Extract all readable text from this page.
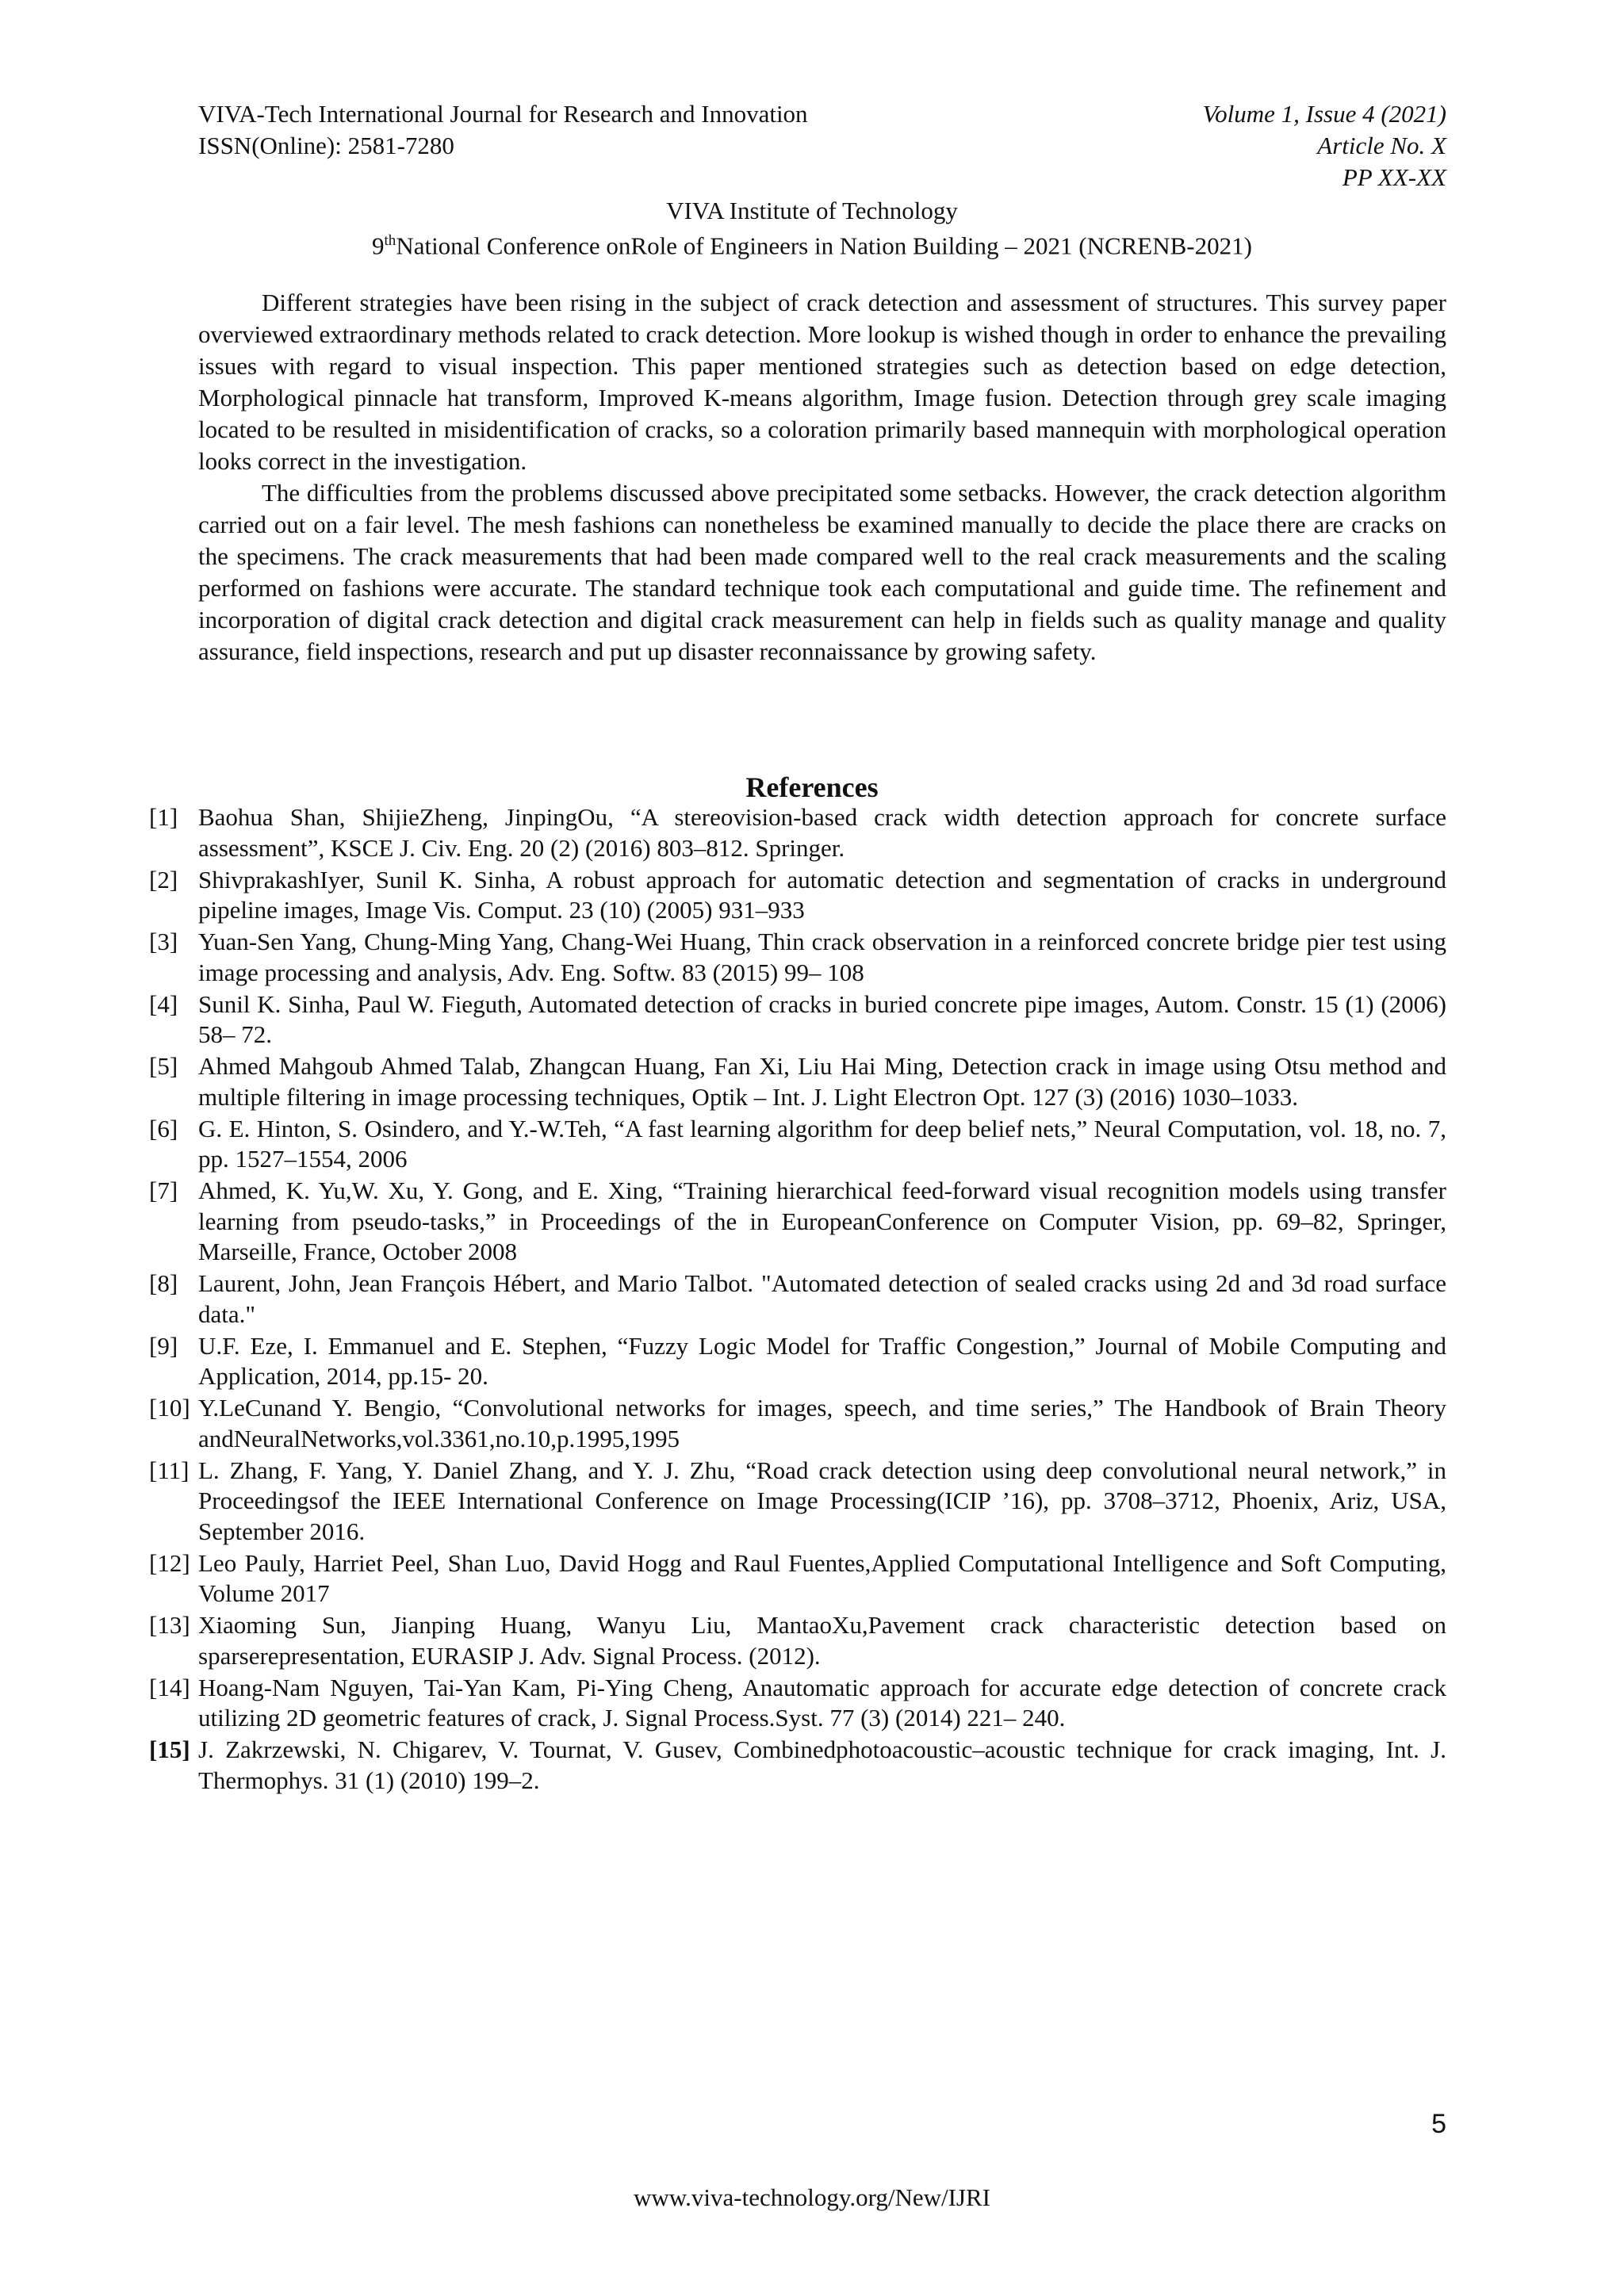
VIVA-Tech International Journal for Research and Innovation
ISSN(Online): 2581-7280
Volume 1, Issue 4 (2021)
Article No. X
PP XX-XX
VIVA Institute of Technology
9thNational Conference onRole of Engineers in Nation Building – 2021 (NCRENB-2021)

Different strategies have been rising in the subject of crack detection and assessment of structures. This survey paper overviewed extraordinary methods related to crack detection. More lookup is wished though in order to enhance the prevailing issues with regard to visual inspection. This paper mentioned strategies such as detection based on edge detection, Morphological pinnacle hat transform, Improved K-means algorithm, Image fusion. Detection through grey scale imaging located to be resulted in misidentification of cracks, so a coloration primarily based mannequin with morphological operation looks correct in the investigation.

The difficulties from the problems discussed above precipitated some setbacks. However, the crack detection algorithm carried out on a fair level. The mesh fashions can nonetheless be examined manually to decide the place there are cracks on the specimens. The crack measurements that had been made compared well to the real crack measurements and the scaling performed on fashions were accurate. The standard technique took each computational and guide time. The refinement and incorporation of digital crack detection and digital crack measurement can help in fields such as quality manage and quality assurance, field inspections, research and put up disaster reconnaissance by growing safety.

References
[1] Baohua Shan, ShijieZheng, JinpingOu, “A stereovision-based crack width detection approach for concrete surface assessment”, KSCE J. Civ. Eng. 20 (2) (2016) 803–812. Springer.
[2] ShivprakashIyer, Sunil K. Sinha, A robust approach for automatic detection and segmentation of cracks in underground pipeline images, Image Vis. Comput. 23 (10) (2005) 931–933
[3] Yuan-Sen Yang, Chung-Ming Yang, Chang-Wei Huang, Thin crack observation in a reinforced concrete bridge pier test using image processing and analysis, Adv. Eng. Softw. 83 (2015) 99– 108
[4] Sunil K. Sinha, Paul W. Fieguth, Automated detection of cracks in buried concrete pipe images, Autom. Constr. 15 (1) (2006) 58– 72.
[5] Ahmed Mahgoub Ahmed Talab, Zhangcan Huang, Fan Xi, Liu Hai Ming, Detection crack in image using Otsu method and multiple filtering in image processing techniques, Optik – Int. J. Light Electron Opt. 127 (3) (2016) 1030–1033.
[6] G. E. Hinton, S. Osindero, and Y.-W.Teh, “A fast learning algorithm for deep belief nets,” Neural Computation, vol. 18, no. 7, pp. 1527–1554, 2006
[7] Ahmed, K. Yu,W. Xu, Y. Gong, and E. Xing, “Training hierarchical feed-forward visual recognition models using transfer learning from pseudo-tasks,” in Proceedings of the in EuropeanConference on Computer Vision, pp. 69–82, Springer, Marseille, France, October 2008
[8] Laurent, John, Jean François Hébert, and Mario Talbot. "Automated detection of sealed cracks using 2d and 3d road surface data."
[9] U.F. Eze, I. Emmanuel and E. Stephen, “Fuzzy Logic Model for Traffic Congestion,” Journal of Mobile Computing and Application, 2014, pp.15- 20.
[10] Y.LeCunand Y. Bengio, “Convolutional networks for images, speech, and time series,” The Handbook of Brain Theory andNeuralNetworks,vol.3361,no.10,p.1995,1995
[11] L. Zhang, F. Yang, Y. Daniel Zhang, and Y. J. Zhu, “Road crack detection using deep convolutional neural network,” in Proceedingsof the IEEE International Conference on Image Processing(ICIP ’16), pp. 3708–3712, Phoenix, Ariz, USA, September 2016.
[12] Leo Pauly, Harriet Peel, Shan Luo, David Hogg and Raul Fuentes,Applied Computational Intelligence and Soft Computing, Volume 2017
[13] Xiaoming Sun, Jianping Huang, Wanyu Liu, MantaoXu,Pavement crack characteristic detection based on sparserepresentation, EURASIP J. Adv. Signal Process. (2012).
[14] Hoang-Nam Nguyen, Tai-Yan Kam, Pi-Ying Cheng, Anautomatic approach for accurate edge detection of concrete crack utilizing 2D geometric features of crack, J. Signal Process.Syst. 77 (3) (2014) 221– 240.
[15] J. Zakrzewski, N. Chigarev, V. Tournat, V. Gusev, Combinedphotoacoustic–acoustic technique for crack imaging, Int. J. Thermophys. 31 (1) (2010) 199–2.
5
www.viva-technology.org/New/IJRI
